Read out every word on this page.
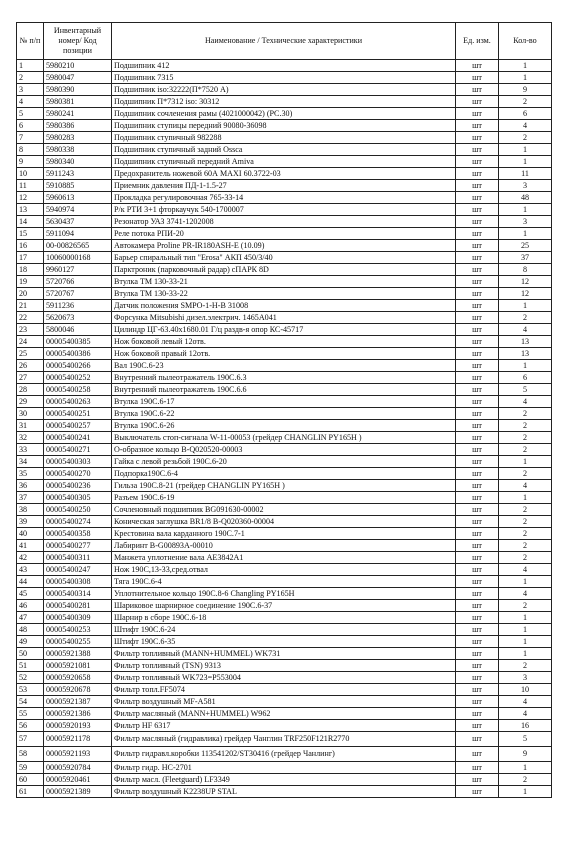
№ п/п	Инвентарный номер/ Код позиции	Наименование / Технические характеристики	Ед. изм.	Кол-во
1	5980210	Подшипник 412	шт	1
2	5980047	Подшипник 7315	шт	1
3	5980390	Подшипник iso:32222(П*7520 А)	шт	9
4	5980381	Подшипник П*7312 iso: 30312	шт	2
5	5980241	Подшипник сочленения рамы (4021000042) (PC.30)	шт	6
6	5980386	Подшипник ступицы передний 90080-36098	шт	4
7	5980283	Подшипник ступичный 982288	шт	2
8	5980338	Подшипник ступичный задний Ossca	шт	1
9	5980340	Подшипник ступичный передний Amiva	шт	1
10	5911243	Предохранитель ножевой 60А MAXI 60.3722-03	шт	11
11	5910885	Приемник давления ПД-1-1.5-27	шт	3
12	5960613	Прокладка регулировочная 765-33-14	шт	48
13	5940974	Р/к РТИ 3+1 фторкаучук 540-1700007	шт	1
14	5630437	Резонатор УАЗ 3741-1202008	шт	3
15	5911094	Реле потока РПИ-20	шт	1
16	00-00826565	Автокамера Proline PR-IR180ASH-E (10.09)	шт	25
17	10060000168	Барьер спиральный тип "Erosa" АКП 450/3/40	шт	37
18	9960127	Парктроник (парковочный радар) сПАРК 8D	шт	8
19	5720766	Втулка ТМ 130-33-21	шт	12
20	5720767	Втулка ТМ 130-33-22	шт	12
21	5911236	Датчик положения SMPO-1-Н-В 31008	шт	1
22	5620673	Форсунка Mitsubishi дизел.электрич. 1465A041	шт	2
23	5800046	Цилиндр ЦГ-63.40х1680.01 Г/ц раздв-я опор КС-45717	шт	4
24	00005400385	Нож боковой левый 12отв.	шт	13
25	00005400386	Нож боковой правый 12отв.	шт	13
26	00005400266	Вал 190С.6-23	шт	1
27	00005400252	Внутренний пылеотражатель 190С.6.3	шт	6
28	00005400258	Внутренний пылеотражатель 190С.6.6	шт	5
29	00005400263	Втулка 190С.6-17	шт	4
30	00005400251	Втулка 190С.6-22	шт	2
31	00005400257	Втулка 190С.6-26	шт	2
32	00005400241	Выключатель стоп-сигнала W-11-00053 (грейдер CHANGLIN PY165H )	шт	2
33	00005400271	О-образное кольцо B-Q020520-00003	шт	2
34	00005400303	Гайка с левой резьбой 190С.6-20	шт	1
35	00005400270	Подпорка190С.6-4	шт	2
36	00005400236	Гильза 190С.8-21 (грейдер CHANGLIN PY165H )	шт	4
37	00005400305	Разъем 190С.6-19	шт	1
38	00005400250	Сочленовный подшипник BG091630-00002	шт	2
39	00005400274	Коническая заглушка BR1/8 B-Q020360-00004	шт	2
40	00005400358	Крестовина вала карданного 190С.7-1	шт	2
41	00005400277	Лабиринт B-G00893A-00010	шт	2
42	00005400311	Манжета уплотнение вала AE3842A1	шт	2
43	00005400247	Нож 190С,13-33,сред.отвал	шт	4
44	00005400308	Тяга 190С.6-4	шт	1
45	00005400314	Уплотнительное кольцо 190С.8-6 Changling PY165H	шт	4
46	00005400281	Шариковое шарнирное соединение 190С.6-37	шт	2
47	00005400309	Шарнир в сборе 190С.6-18	шт	1
48	00005400253	Штифт 190С.6-24	шт	1
49	00005400255	Штифт 190С.6-35	шт	1
50	00005921388	Фильтр топливный (MANN+HUMMEL) WK731	шт	1
51	00005921081	Фильтр топливный (TSN) 9313	шт	2
52	00005920658	Фильтр топливный WK723=P553004	шт	3
53	00005920678	Фильтр топл.FF5074	шт	10
54	00005921387	Фильтр воздушный MF-A581	шт	4
55	00005921386	Фильтр масляный (MANN+HUMMEL) W962	шт	4
56	00005920193	Фильтр HF 6317	шт	16
57	00005921178	Фильтр масляный (гидравлика) грейдер Чанглин TRF250F121R2770	шт	5
58	00005921193	Фильтр гидравл.коробки 113541202/ST30416 (грейдер Чанлинг)	шт	9
59	00005920784	Фильтр гидр. HC-2701	шт	1
60	00005920461	Фильтр масл. (Fleetguard) LF3349	шт	2
61	00005921389	Фильтр воздушный K2238UP STAL	шт	1
